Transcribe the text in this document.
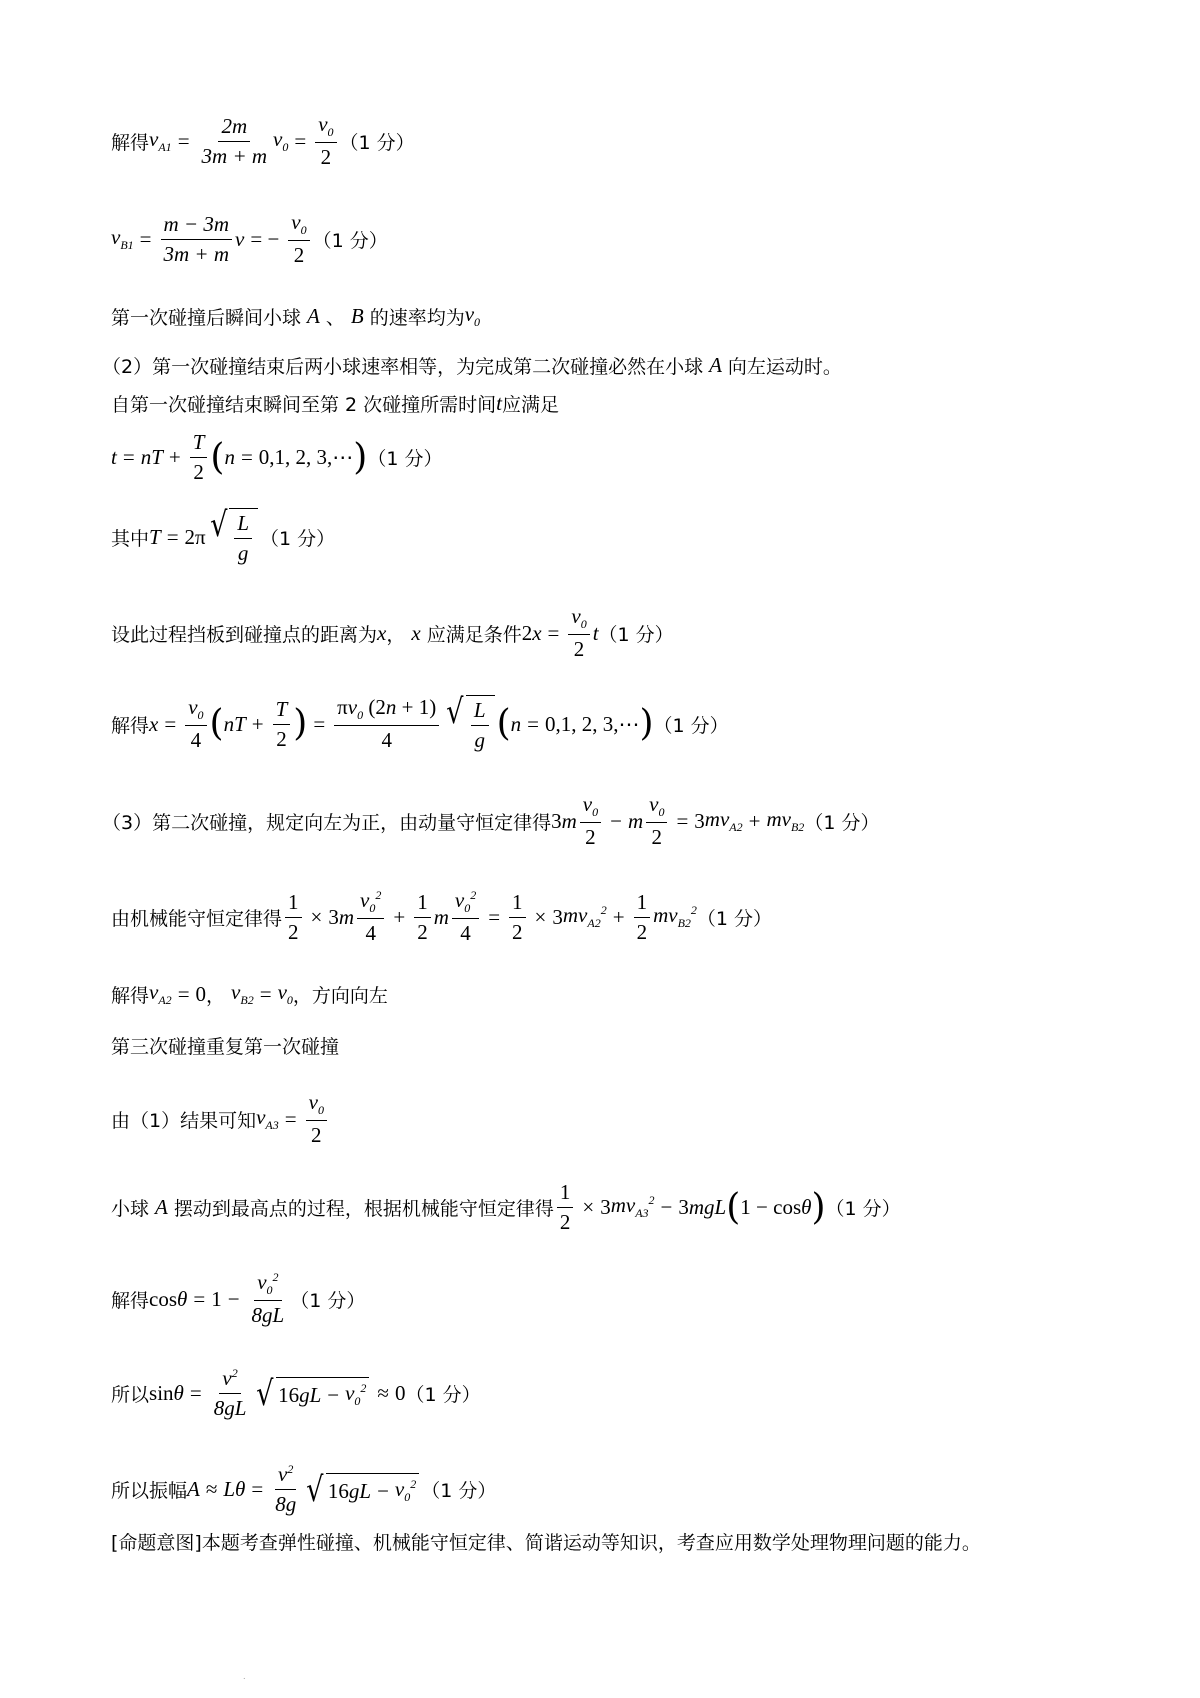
解得 $v_{A1} = \frac{2m}{3m + m} v_0 = \frac{v_0}{2} (1$ 分）
$v_{B1} = \frac{m - 3m}{3m + m}$ v = − $\frac{v_0}{2} (1$ 分）
第一次碰撞后瞬间小球 A 、 B 的速率均为 $v_0$
（2）第一次碰撞结束后两小球速率相等，为完成第二次碰撞必然在小球 A 向左运动时。
自第一次碰撞结束瞬间至第 2 次碰撞所需时间 t 应满足
t = nT + $\frac{T}{2}$ ( n = 0,1, 2, 3,⋯ ) （1 分）
其中 T = 2π √ $\frac{L}{g} (1$ 分）
设此过程挡板到碰撞点的距离为 x ， x 应满足条件 2 $x = \frac{v_0}{2}$ t （1 分）
解得 $x = \frac{v_0}{4}$ ( nT + $\frac{T}{2}$ ) = $\frac{\pi v_0 (2n + 1)}{4}$ √ $\frac{L}{g}$ ( n = 0,1, 2, 3,⋯ ) （1 分）
（3）第二次碰撞，规定向左为正，由动量守恒定律得 3 m $\frac{v_0}{2} - m \frac{v_0}{2} = 3$ $mv_{A2} + mv_{B2}$ （1 分）
由机械能守恒定律得 $\frac{1}{2} \times 3$ m $\frac{v_0^2}{4} + \frac{1}{2}$ m $\frac{v_0^2}{4} = \frac{1}{2} \times 3$ $mv_{A2}^2 + \frac{1}{2} mv_{B2}^2$ （1 分）
解得 $v_{A2} = 0$ ， $v_{B2} = v_0$ ，方向向左
第三次碰撞重复第一次碰撞
由（1）结果可知 $v_{A3} = \frac{v_0}{2}$
小球 A 摆动到最高点的过程，根据机械能守恒定律得 $\frac{1}{2} \times 3$ $mv_{A3}^2 - 3$ mgL ( 1 − cos θ ) （1 分）
解得 $\cos \theta = 1 - \frac{v_0^2}{8gL} (1$ 分）
所以 $\sin \theta = \frac{v^2}{8gL}$ √ 16 gL − $v_0^2 \approx 0$ （1 分）
所以振幅 $A \approx L\theta = \frac{v^2}{8g}$ √ 16 gL − $v_0^2$ （1 分）
[命题意图]本题考查弹性碰撞、机械能守恒定律、简谐运动等知识，考查应用数学处理物理问题的能力。
.
